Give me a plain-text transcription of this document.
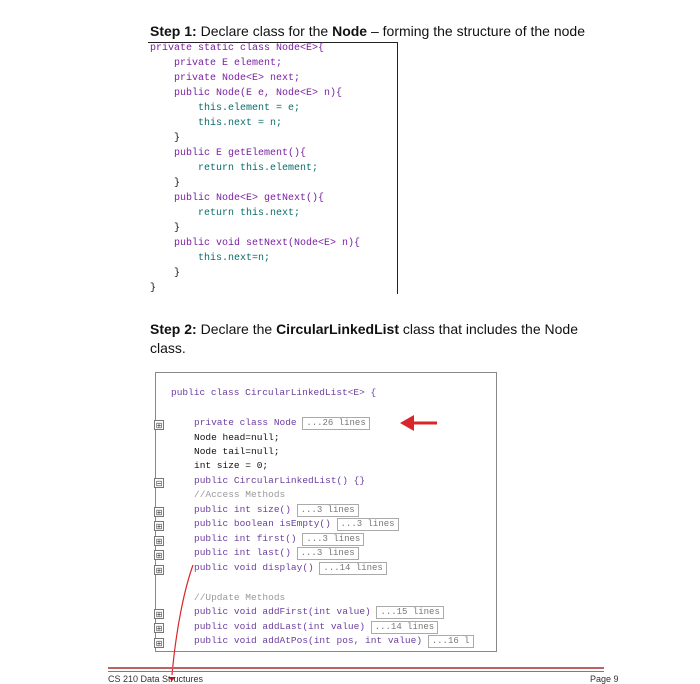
Step 1: Declare class for the Node – forming the structure of the node
private static class Node<E>{
private E element;
private Node<E> next;
public Node(E e, Node<E> n){
this.element = e;
this.next = n;
}
public E getElement(){
return this.element;
}
public Node<E> getNext(){
return this.next;
}
public void setNext(Node<E> n){
this.next=n;
}
}
Step 2: Declare the CircularLinkedList class that includes the Node class.
public class CircularLinkedList<E> {
private class Node ...26 lines
Node head=null;
Node tail=null;
int size = 0;
public CircularLinkedList() {}
//Access Methods
public int size() ...3 lines
public boolean isEmpty() ...3 lines
public int first() ...3 lines
public int last() ...3 lines
public void display() ...14 lines
//Update Methods
public void addFirst(int value) ...15 lines
public void addLast(int value) ...14 lines
public void addAtPos(int pos, int value) ...16 l
⊞
⊟
⊞
⊞
⊞
⊞
⊞
⊞
⊞
⊞
CS 210 Data Structures	Page 9
